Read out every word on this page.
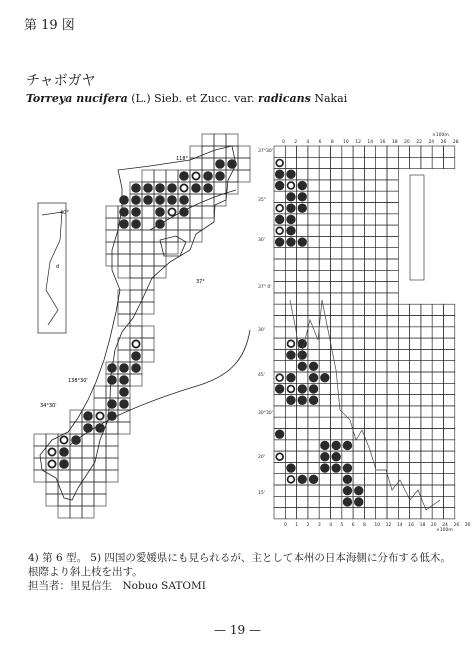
第 19 図
チャボガヤ
Torreya nucifera (L.) Sieb. et Zucc. var. radicans Nakai
40°
d
118°
37°
138°30'
34°30'
0 2 4 6 8 10 12 14 16 18 20 22 24 26 28
0 1 2 3 4 5 6 8 10 12 14 16 18 20 24 26 30
×100m
×100m
37°30'
35°
30'
37° 0'
30'
45'
30°30'
20'
15'
4) 第 6 型。 5) 四国の愛媛県にも見られるが、主として本州の日本海側に分布する低木。
根際より斜上枝を出す。
担当者：里見信生　Nobuo SATOMI
— 19 —
